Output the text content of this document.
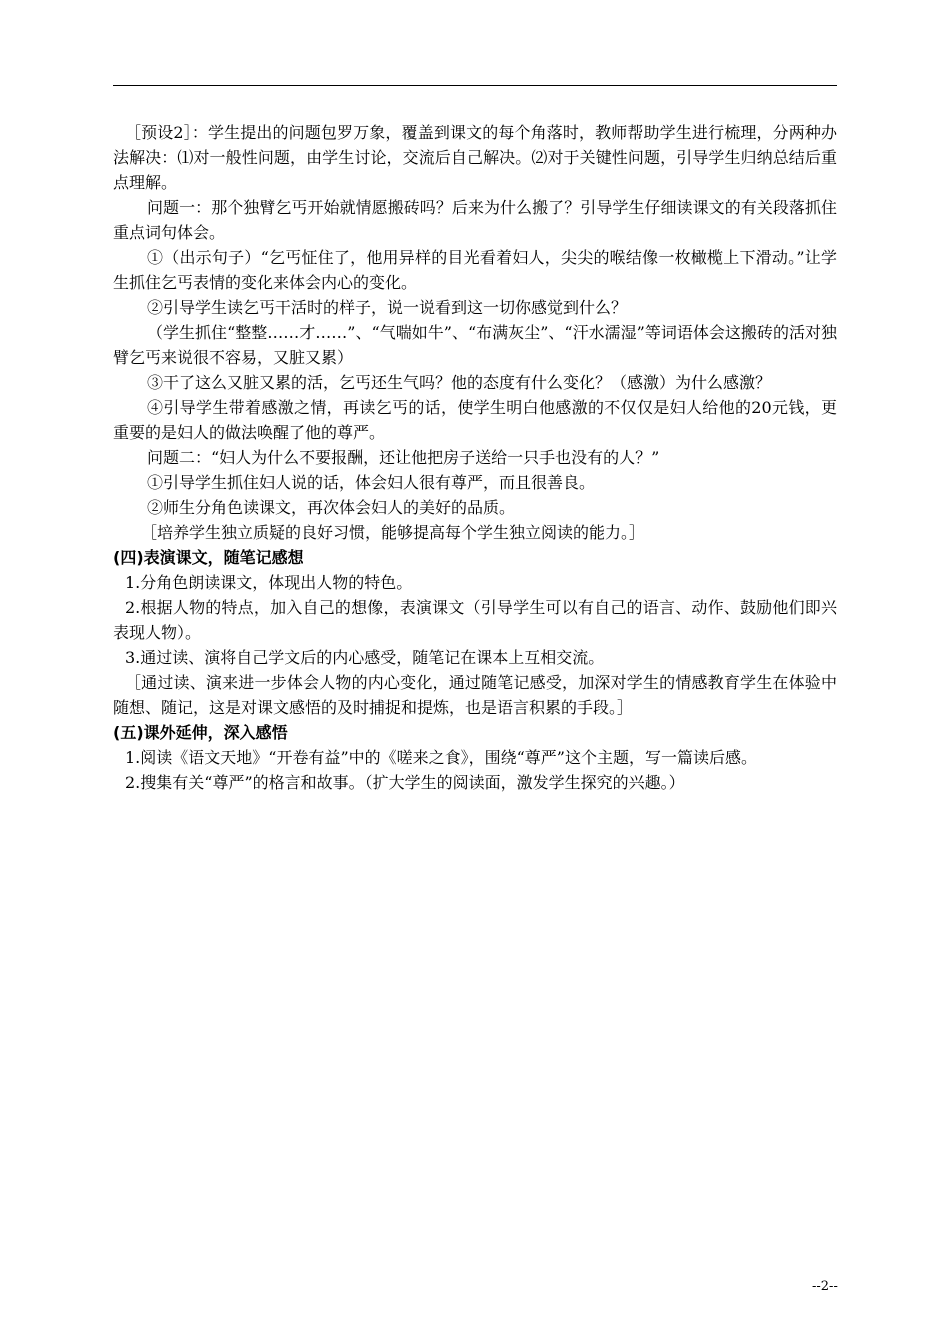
［预设2］：学生提出的问题包罗万象，覆盖到课文的每个角落时，教师帮助学生进行梳理，分两种办法解决：⑴对一般性问题，由学生讨论，交流后自己解决。⑵对于关键性问题，引导学生归纳总结后重点理解。

问题一：那个独臂乞丐开始就情愿搬砖吗？后来为什么搬了？引导学生仔细读课文的有关段落抓住重点词句体会。

①（出示句子）“乞丐怔住了，他用异样的目光看着妇人，尖尖的喉结像一枚橄榄上下滑动。”让学生抓住乞丐表情的变化来体会内心的变化。

②引导学生读乞丐干活时的样子，说一说看到这一切你感觉到什么？

（学生抓住“整整……才……”、“气喘如牛”、“布满灰尘”、“汗水濡湿”等词语体会这搬砖的活对独臂乞丐来说很不容易，又脏又累）

③干了这么又脏又累的活，乞丐还生气吗？他的态度有什么变化？（感激）为什么感激？

④引导学生带着感激之情，再读乞丐的话，使学生明白他感激的不仅仅是妇人给他的20元钱，更重要的是妇人的做法唤醒了他的尊严。

问题二：“妇人为什么不要报酬，还让他把房子送给一只手也没有的人？”

①引导学生抓住妇人说的话，体会妇人很有尊严，而且很善良。

②师生分角色读课文，再次体会妇人的美好的品质。

［培养学生独立质疑的良好习惯，能够提高每个学生独立阅读的能力。］

(四)表演课文，随笔记感想

1.分角色朗读课文，体现出人物的特色。

2.根据人物的特点，加入自己的想像，表演课文（引导学生可以有自己的语言、动作、鼓励他们即兴表现人物）。

3.通过读、演将自己学文后的内心感受，随笔记在课本上互相交流。

［通过读、演来进一步体会人物的内心变化，通过随笔记感受，加深对学生的情感教育学生在体验中随想、随记，这是对课文感悟的及时捕捉和提炼，也是语言积累的手段。］

(五)课外延伸，深入感悟

1.阅读《语文天地》“开卷有益”中的《嗟来之食》，围绕“尊严”这个主题，写一篇读后感。

2.搜集有关“尊严”的格言和故事。（扩大学生的阅读面，激发学生探究的兴趣。）

--2--
